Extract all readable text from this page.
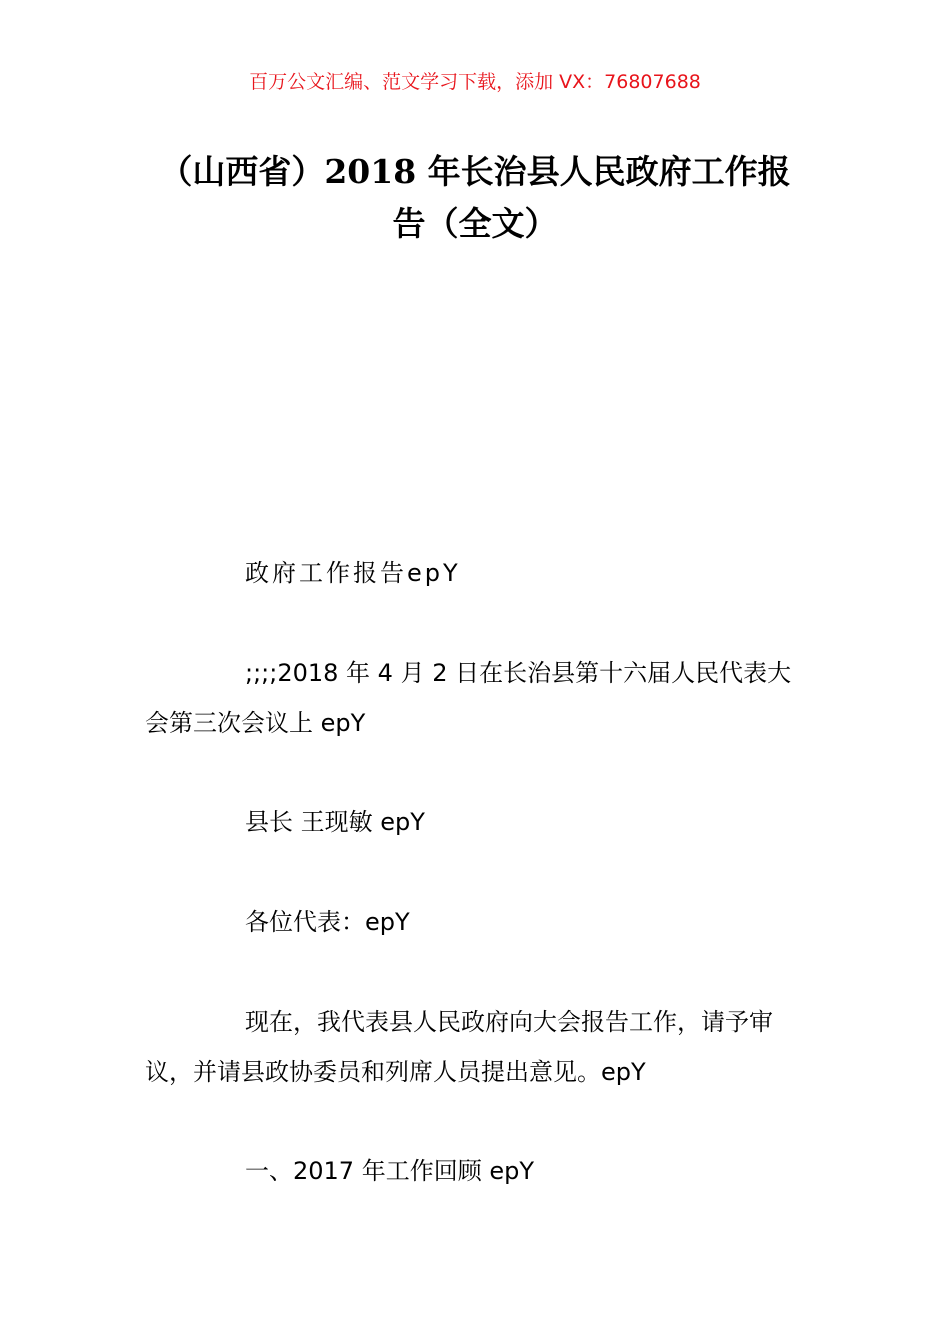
百万公文汇编、范文学习下载，添加 VX：76807688
（山西省）2018 年长治县人民政府工作报
告（全文）
政府工作报告epY
;;;;2018 年 4 月 2 日在长治县第十六届人民代表大会第三次会议上 epY
县长 王现敏 epY
各位代表：epY
现在，我代表县人民政府向大会报告工作，请予审议，并请县政协委员和列席人员提出意见。epY
一、2017 年工作回顾 epY
